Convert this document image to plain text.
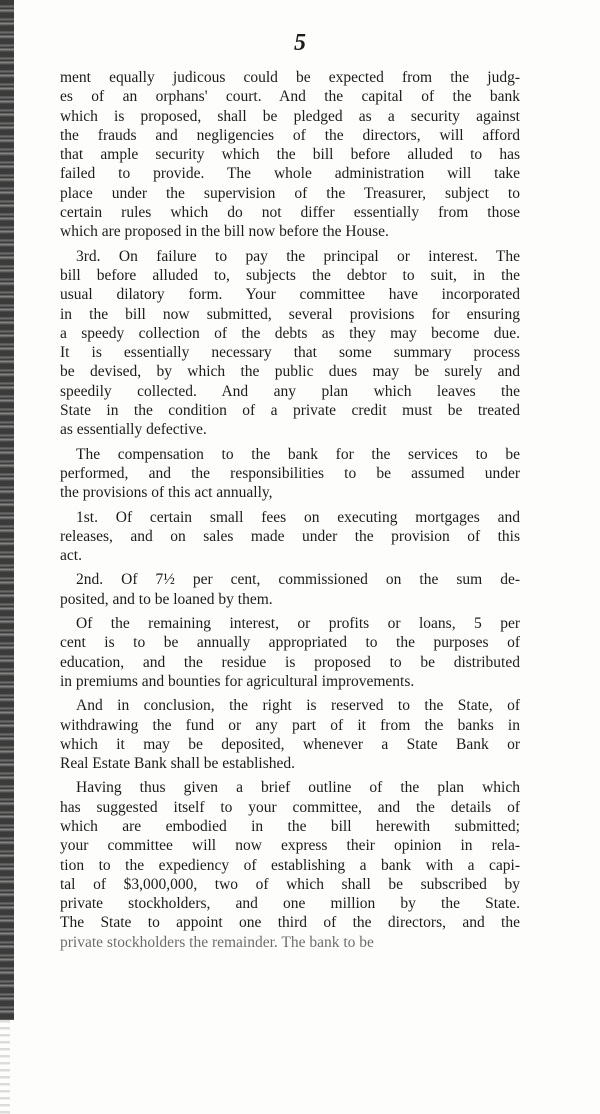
5
ment equally judicous could be expected from the judg-
es of an orphans' court. And the capital of the bank
which is proposed, shall be pledged as a security against
the frauds and negligencies of the directors, will afford
that ample security which the bill before alluded to has
failed to provide. The whole administration will take
place under the supervision of the Treasurer, subject to
certain rules which do not differ essentially from those
which are proposed in the bill now before the House.
3rd. On failure to pay the principal or interest. The
bill before alluded to, subjects the debtor to suit, in the
usual dilatory form. Your committee have incorporated
in the bill now submitted, several provisions for ensuring
a speedy collection of the debts as they may become due.
It is essentially necessary that some summary process
be devised, by which the public dues may be surely and
speedily collected. And any plan which leaves the
State in the condition of a private credit must be treated
as essentially defective.
The compensation to the bank for the services to be
performed, and the responsibilities to be assumed under
the provisions of this act annually,
1st. Of certain small fees on executing mortgages and
releases, and on sales made under the provision of this
act.
2nd. Of 7½ per cent, commissioned on the sum de-
posited, and to be loaned by them.
Of the remaining interest, or profits or loans, 5 per
cent is to be annually appropriated to the purposes of
education, and the residue is proposed to be distributed
in premiums and bounties for agricultural improvements.
And in conclusion, the right is reserved to the State, of
withdrawing the fund or any part of it from the banks in
which it may be deposited, whenever a State Bank or
Real Estate Bank shall be established.
Having thus given a brief outline of the plan which
has suggested itself to your committee, and the details of
which are embodied in the bill herewith submitted;
your committee will now express their opinion in rela-
tion to the expediency of establishing a bank with a capi-
tal of $3,000,000, two of which shall be subscribed by
private stockholders, and one million by the State.
The State to appoint one third of the directors, and the
private stockholders the remainder. The bank to be
